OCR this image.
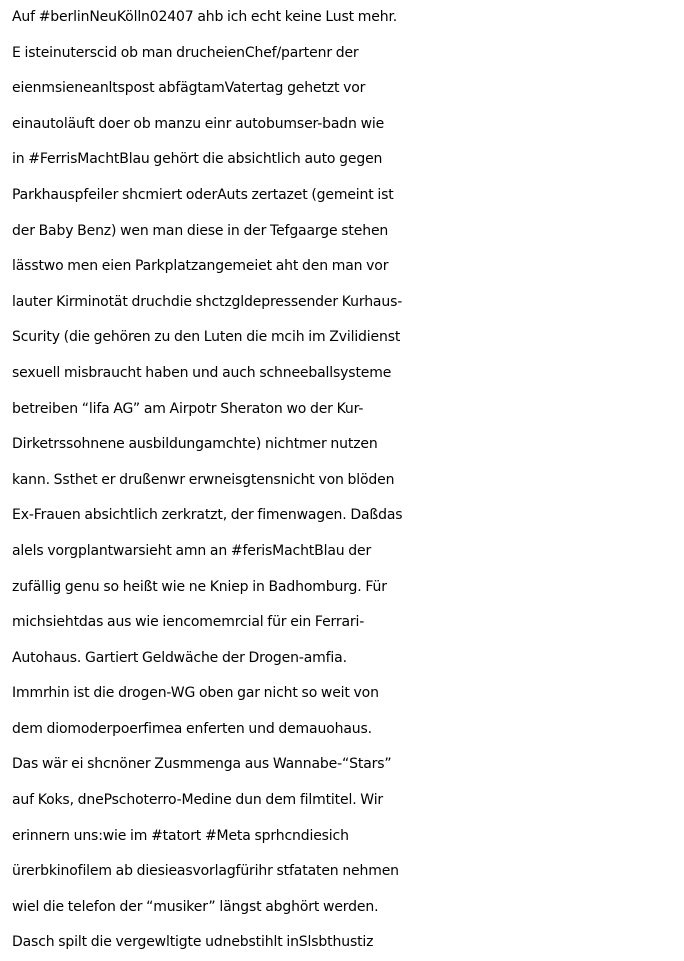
Auf #berlinNeuKölln02407 ahb ich echt keine Lust mehr.
E isteinuterscid ob man drucheienChef/partenr der
eienmsieneanltspost abfägtamVatertag gehetzt vor
einautoläuft doer ob manzu einr autobumser-badn wie
in #FerrisMachtBlau gehört die absichtlich auto gegen
Parkhauspfeiler shcmiert oderAuts zertazet (gemeint ist
der Baby Benz) wen man diese in der Tefgaarge stehen
lässtwo men eien Parkplatzangemeiet aht den man vor
lauter Kirminotät druchdie shctzgldepressender Kurhaus-
Scurity (die gehören zu den Luten die mcih im Zvilidienst
sexuell misbraucht haben und auch schneeballsysteme
betreiben “lifa AG” am Airpotr Sheraton wo der Kur-
Dirketrssohnene ausbildungamchte) nichtmer nutzen
kann. Ssthet er drußenwr erwneisgtensnicht von blöden
Ex-Frauen absichtlich zerkratzt, der fimenwagen. Daßdas
alels vorgplantwarsieht amn an #ferisMachtBlau der
zufällig genu so heißt wie ne Kniep in Badhomburg. Für
michsiehtdas aus wie iencomemrcial für ein Ferrari-
Autohaus. Gartiert Geldwäche der Drogen-amfia.
Immrhin ist die drogen-WG oben gar nicht so weit von
dem diomoderpoerfimea enferten und demauohaus.
Das wär ei shcnöner Zusmmenga aus Wannabe-“Stars”
auf Koks, dnePschoterro-Medine dun dem filmtitel. Wir
erinnern uns:wie im #tatort #Meta sprhcndiesich
ürerbkinofilem ab diesieasvorlagfürihr stfataten nehmen
wiel die telefon der “musiker” längst abghört werden.
Dasch spilt die vergewltigte udnebstihlt inSlsbthustiz
